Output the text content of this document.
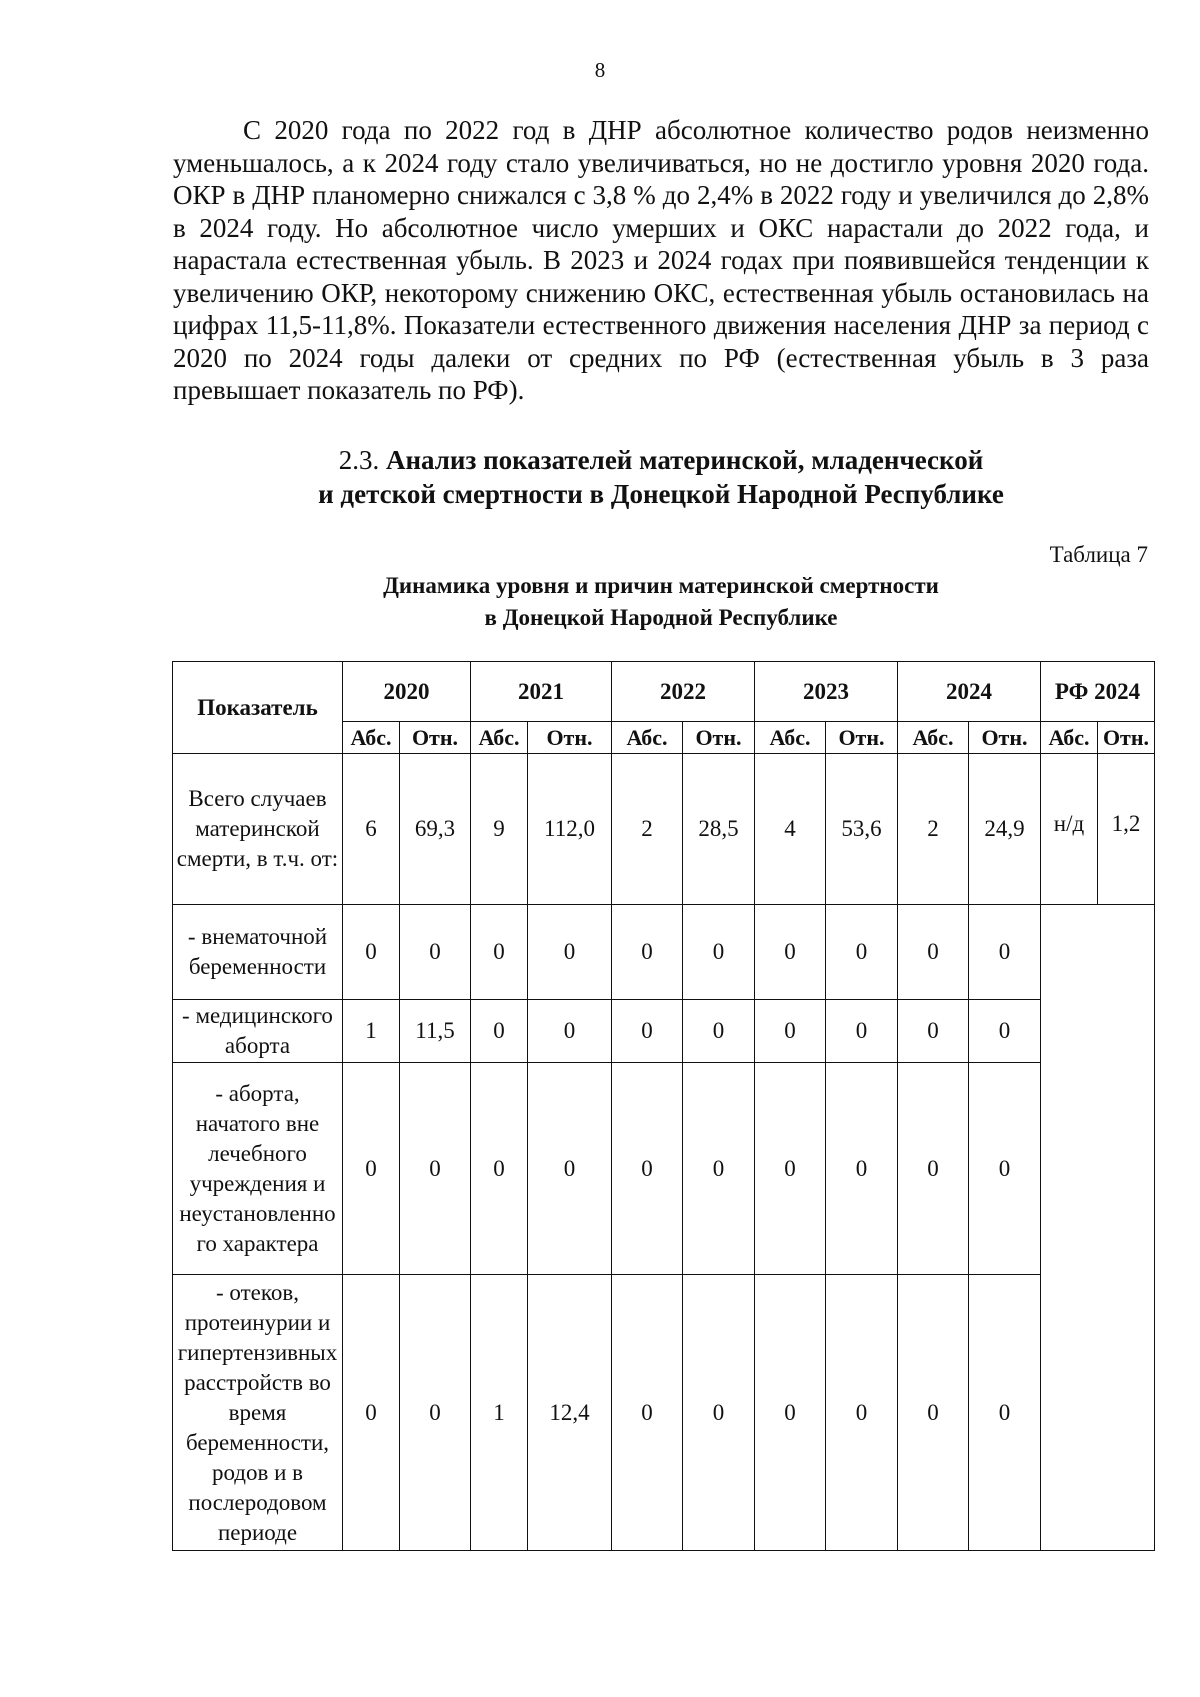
8

С 2020 года по 2022 год в ДНР абсолютное количество родов неизменно уменьшалось, а к 2024 году стало увеличиваться, но не достигло уровня 2020 года. ОКР в ДНР планомерно снижался с 3,8 % до 2,4% в 2022 году и увеличился до 2,8% в 2024 году. Но абсолютное число умерших и ОКС нарастали до 2022 года, и нарастала естественная убыль. В 2023 и 2024 годах при появившейся тенденции к увеличению ОКР, некоторому снижению ОКС, естественная убыль остановилась на цифрах 11,5-11,8%. Показатели естественного движения населения ДНР за период с 2020 по 2024 годы далеки от средних по РФ (естественная убыль в 3 раза превышает показатель по РФ).

2.3. Анализ показателей материнской, младенческой
и детской смертности в Донецкой Народной Республике
Таблица 7
Динамика уровня и причин материнской смертности
в Донецкой Народной Республике
Показатель	2020		2021		2022		2023		2024		РФ 2024	
	Абс.	Отн.	Абс.	Отн.	Абс.	Отн.	Абс.	Отн.	Абс.	Отн.	Абс.	Отн.
Всего случаев материнской смерти, в т.ч. от:	6	69,3	9	112,0	2	28,5	4	53,6	2	24,9	н/д	1,2

- внематочной беременности	0	0	0	0	0	0	0	0	0	0		
- медицинского аборта	1	11,5	0	0	0	0	0	0	0	0		
- аборта, начатого вне лечебного учреждения и неустановленно го характера	0	0	0	0	0	0	0	0	0	0		
- отеков, протеинурии и гипертензивных расстройств во время беременности, родов и в послеродовом периоде	0	0	1	12,4	0	0	0	0	0	0		
